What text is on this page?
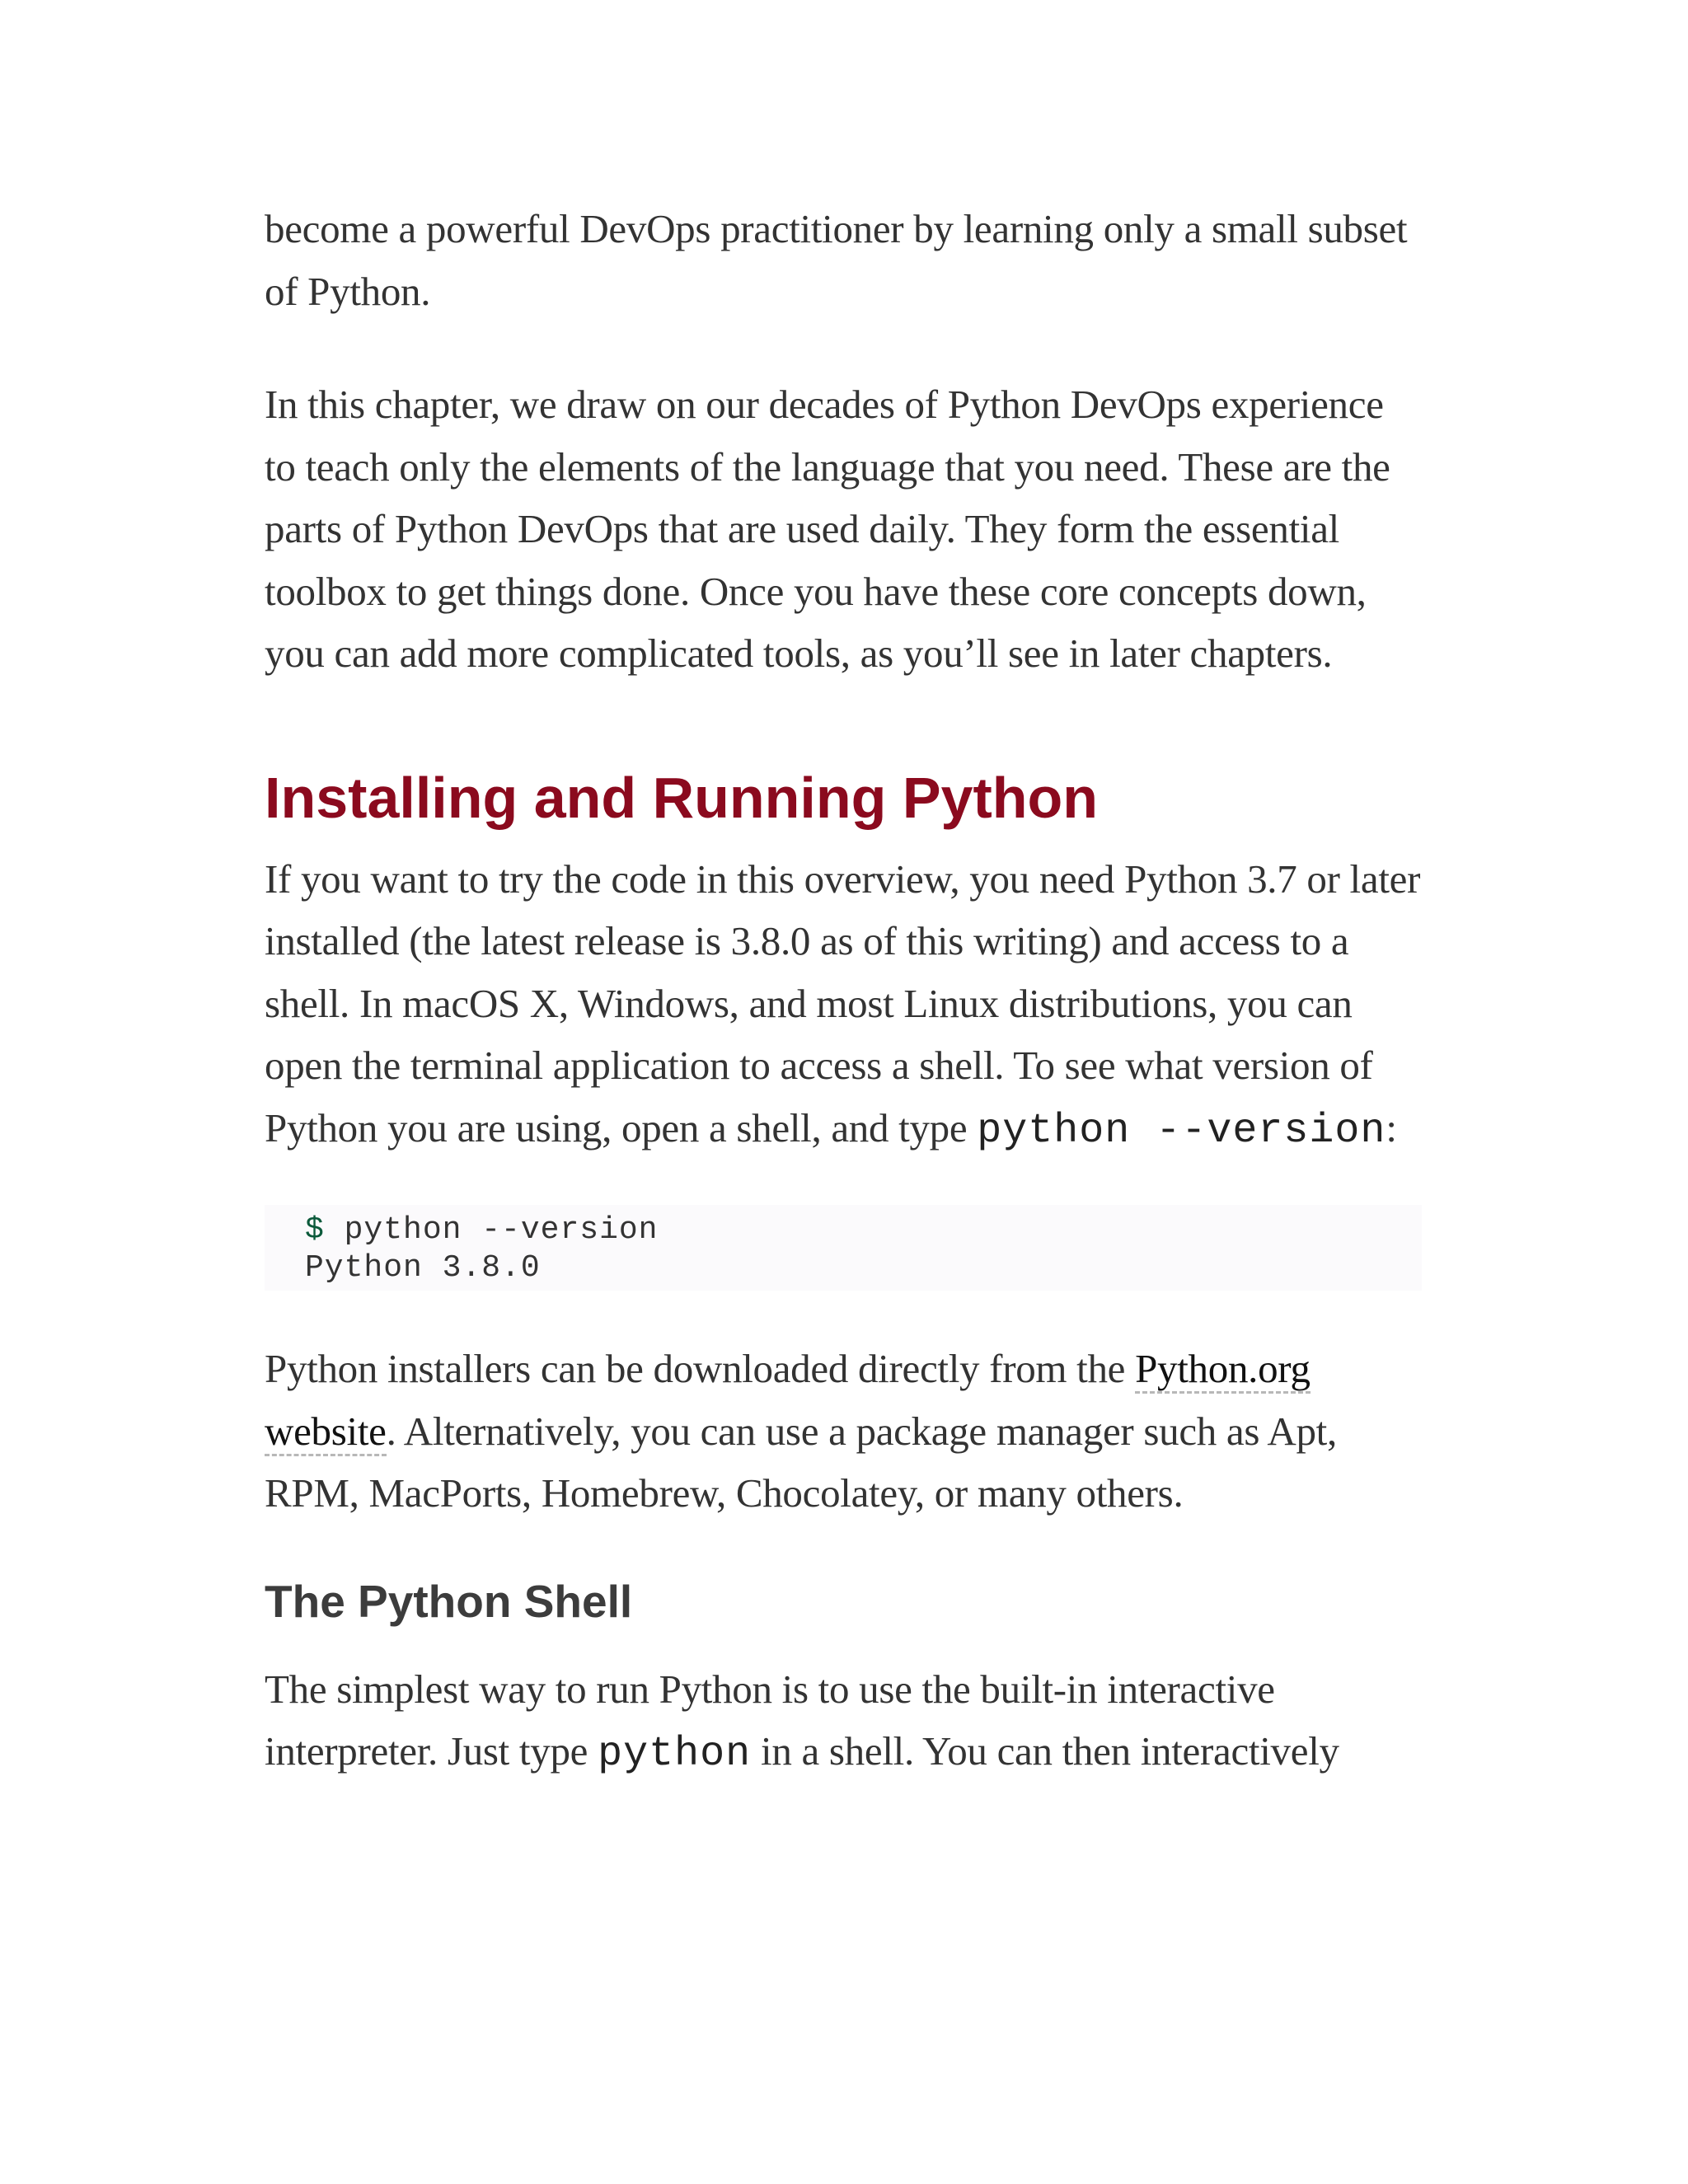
become a powerful DevOps practitioner by learning only a small subset of Python.

In this chapter, we draw on our decades of Python DevOps experience to teach only the elements of the language that you need. These are the parts of Python DevOps that are used daily. They form the essential toolbox to get things done. Once you have these core concepts down, you can add more complicated tools, as you’ll see in later chapters.

Installing and Running Python

If you want to try the code in this overview, you need Python 3.7 or later installed (the latest release is 3.8.0 as of this writing) and access to a shell. In macOS X, Windows, and most Linux distributions, you can open the terminal application to access a shell. To see what version of Python you are using, open a shell, and type python --version:

$ python --version
Python 3.8.0

Python installers can be downloaded directly from the Python.org website. Alternatively, you can use a package manager such as Apt, RPM, MacPorts, Homebrew, Chocolatey, or many others.

The Python Shell

The simplest way to run Python is to use the built-in interactive interpreter. Just type python in a shell. You can then interactively
